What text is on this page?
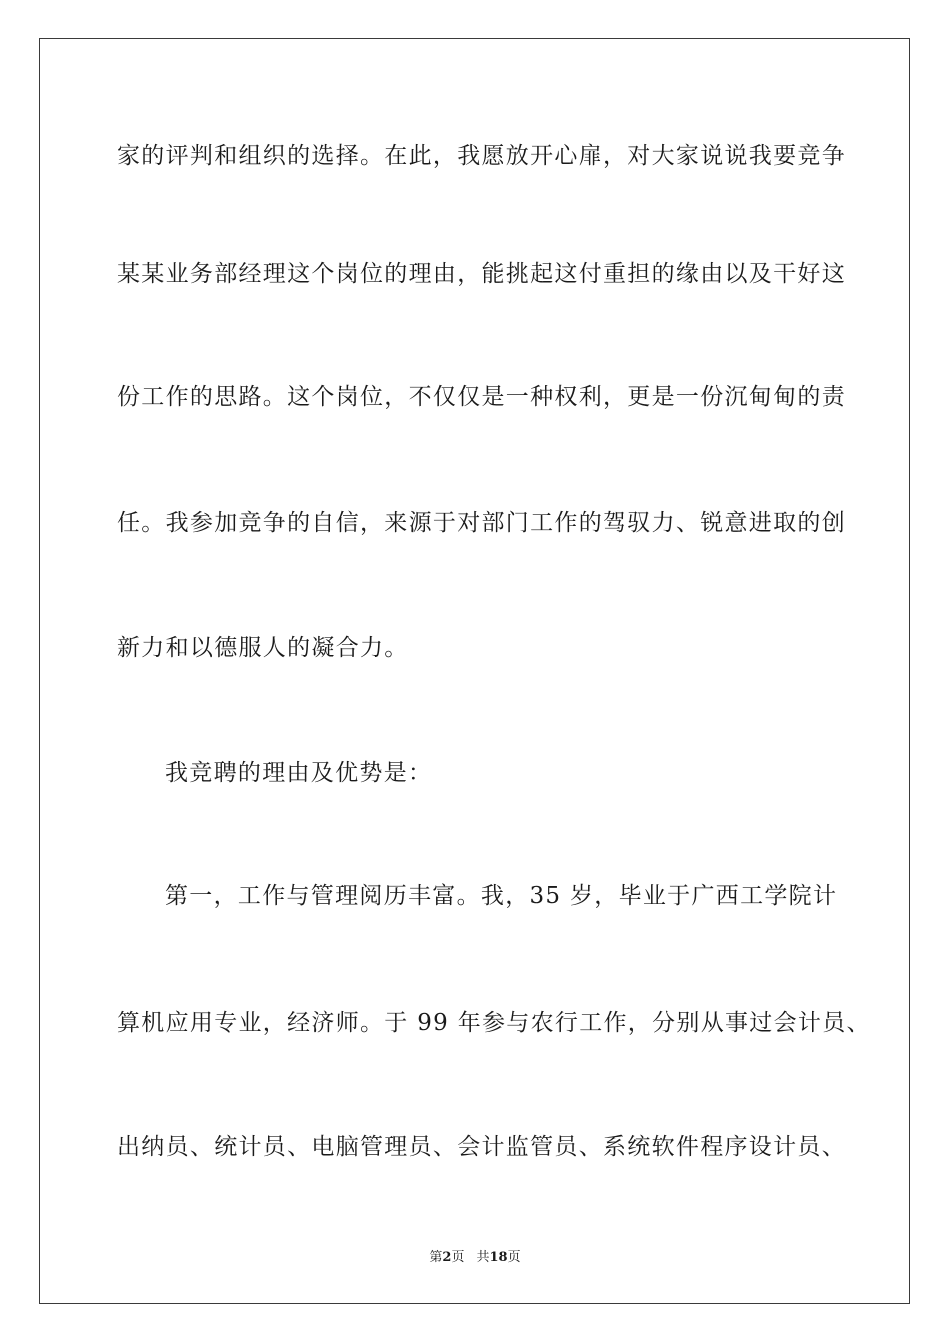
家的评判和组织的选择。在此，我愿放开心扉，对大家说说我要竞争
某某业务部经理这个岗位的理由，能挑起这付重担的缘由以及干好这
份工作的思路。这个岗位，不仅仅是一种权利，更是一份沉甸甸的责
任。我参加竞争的自信，来源于对部门工作的驾驭力、锐意进取的创
新力和以德服人的凝合力。
我竞聘的理由及优势是：
第一，工作与管理阅历丰富。我，35 岁，毕业于广西工学院计
算机应用专业，经济师。于 99 年参与农行工作，分别从事过会计员、
出纳员、统计员、电脑管理员、会计监管员、系统软件程序设计员、
第2页 共18页
